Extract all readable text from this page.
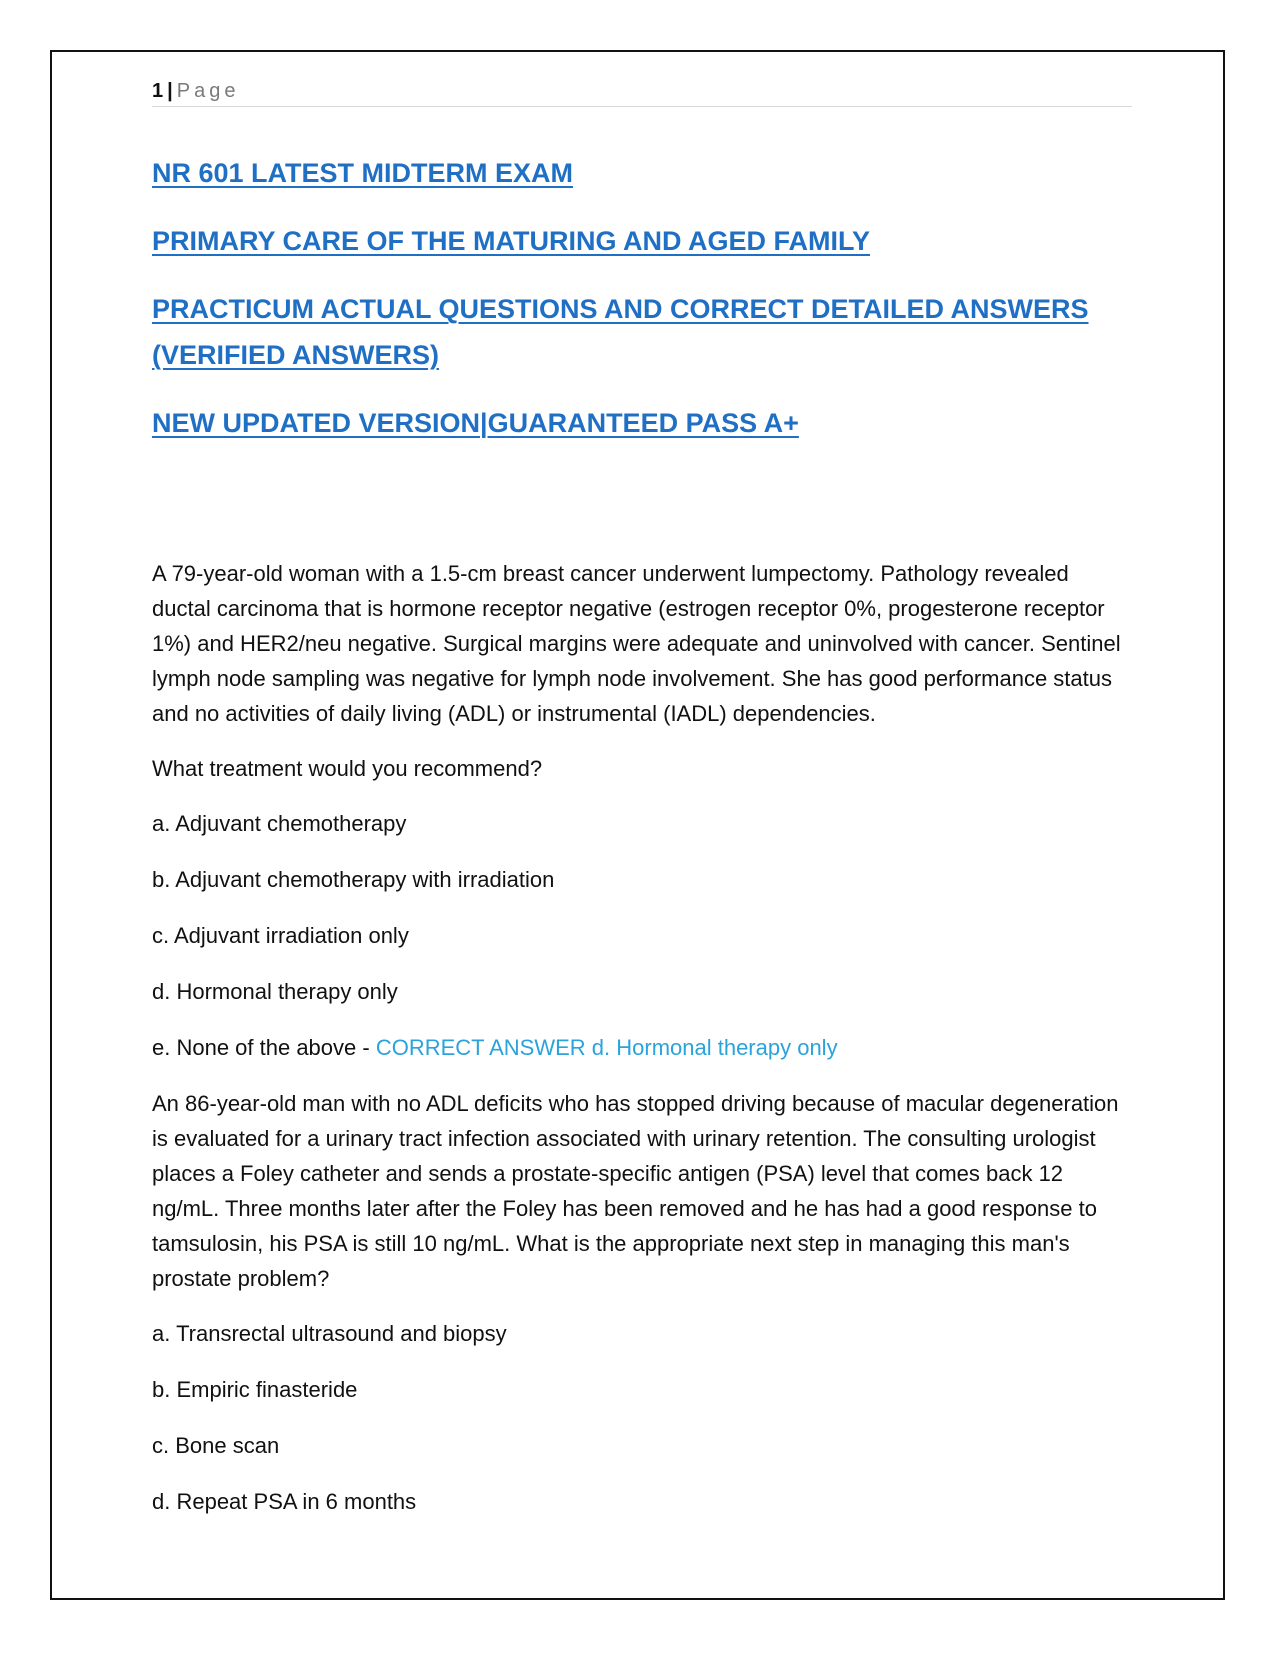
1 | Page
NR 601 LATEST MIDTERM EXAM
PRIMARY CARE OF THE MATURING AND AGED FAMILY
PRACTICUM ACTUAL QUESTIONS AND CORRECT DETAILED ANSWERS (VERIFIED ANSWERS)
NEW UPDATED VERSION|GUARANTEED PASS A+

A 79-year-old woman with a 1.5-cm breast cancer underwent lumpectomy. Pathology revealed ductal carcinoma that is hormone receptor negative (estrogen receptor 0%, progesterone receptor 1%) and HER2/neu negative. Surgical margins were adequate and uninvolved with cancer. Sentinel lymph node sampling was negative for lymph node involvement. She has good performance status and no activities of daily living (ADL) or instrumental (IADL) dependencies.

What treatment would you recommend?

a. Adjuvant chemotherapy

b. Adjuvant chemotherapy with irradiation

c. Adjuvant irradiation only

d. Hormonal therapy only

e. None of the above - CORRECT ANSWER d. Hormonal therapy only

An 86-year-old man with no ADL deficits who has stopped driving because of macular degeneration is evaluated for a urinary tract infection associated with urinary retention. The consulting urologist places a Foley catheter and sends a prostate-specific antigen (PSA) level that comes back 12 ng/mL. Three months later after the Foley has been removed and he has had a good response to tamsulosin, his PSA is still 10 ng/mL. What is the appropriate next step in managing this man's prostate problem?

a. Transrectal ultrasound and biopsy

b. Empiric finasteride

c. Bone scan

d. Repeat PSA in 6 months
